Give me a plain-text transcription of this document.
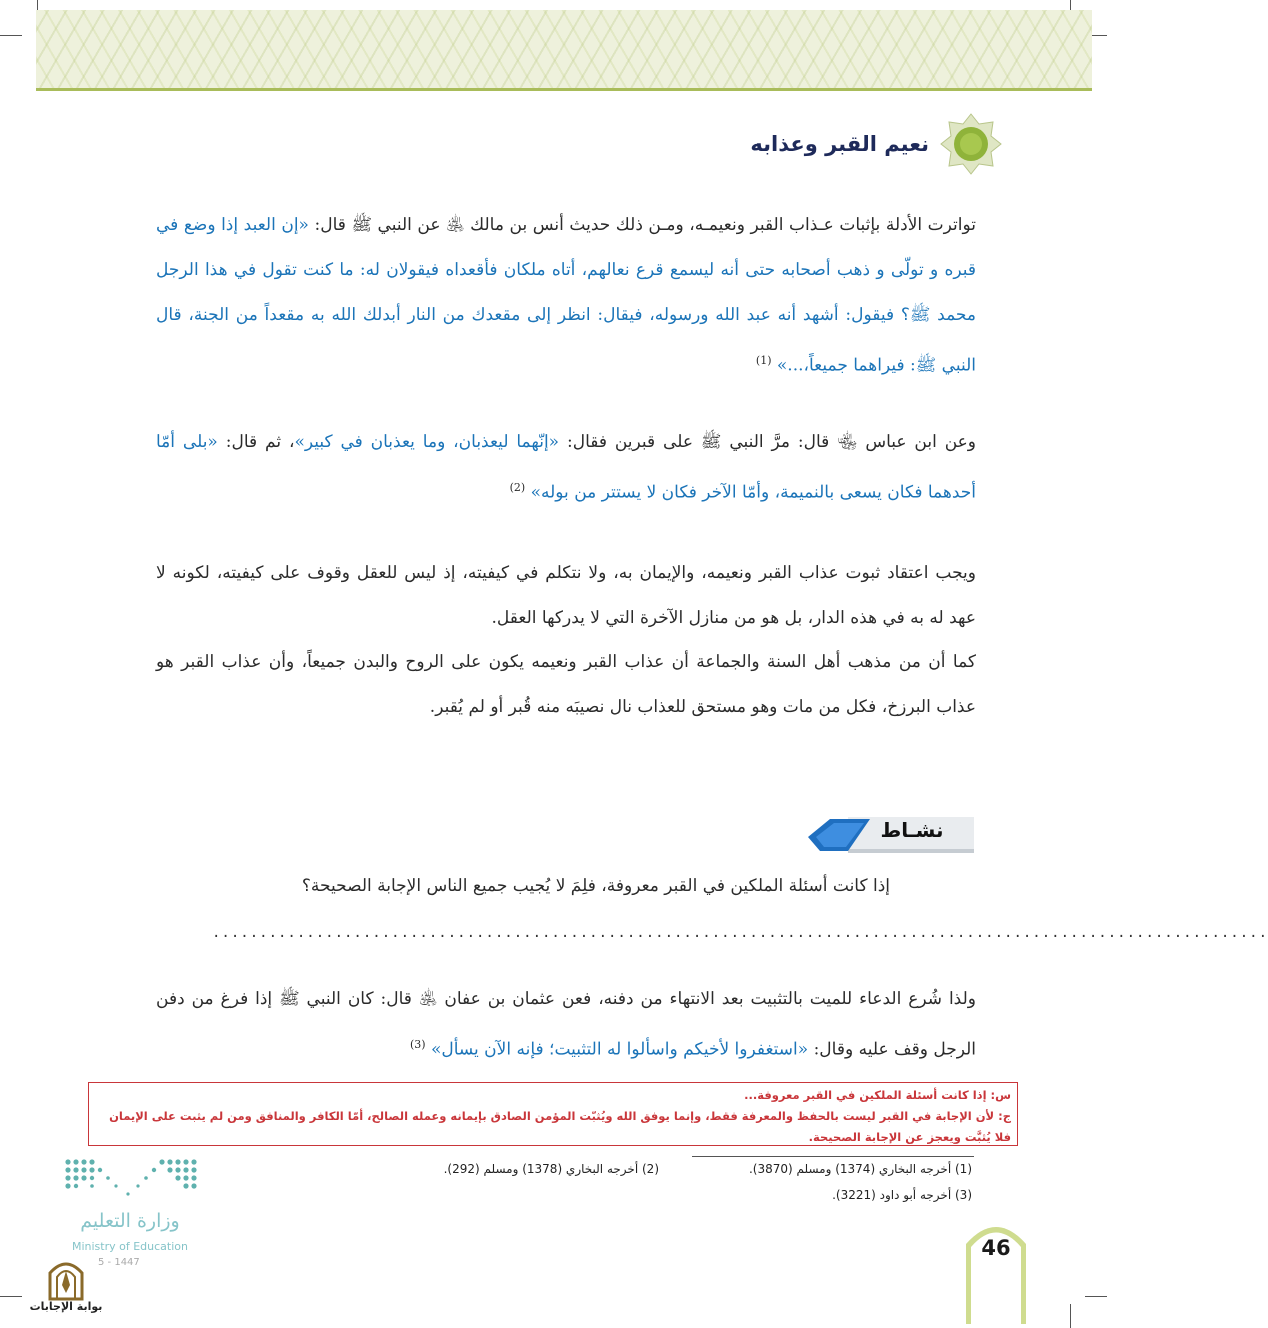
نعيم القبر وعذابه
تواترت الأدلة بإثبات عـذاب القبر ونعيمـه، ومـن ذلك حديث أنس بن مالك ﵁ عن النبي ﷺ قال: «إن العبد إذا وضع في قبره و تولّى و ذهب أصحابه حتى أنه ليسمع قرع نعالهم، أتاه ملكان فأقعداه فيقولان له: ما كنت تقول في هذا الرجل محمد ﷺ؟ فيقول: أشهد أنه عبد الله ورسوله، فيقال: انظر إلى مقعدك من النار أبدلك الله به مقعداً من الجنة، قال النبي ﷺ: فيراهما جميعاً،...» $^{(1)}$
وعن ابن عباس ﵄ قال: مرَّ النبي ﷺ على قبرين فقال: «إنّهما ليعذبان، وما يعذبان في كبير»، ثم قال: «بلى أمّا أحدهما فكان يسعى بالنميمة، وأمّا الآخر فكان لا يستتر من بوله» $^{(2)}$
ويجب اعتقاد ثبوت عذاب القبر ونعيمه، والإيمان به، ولا نتكلم في كيفيته، إذ ليس للعقل وقوف على كيفيته، لكونه لا عهد له به في هذه الدار، بل هو من منازل الآخرة التي لا يدركها العقل.
كما أن من مذهب أهل السنة والجماعة أن عذاب القبر ونعيمه يكون على الروح والبدن جميعاً، وأن عذاب القبر هو عذاب البرزخ، فكل من مات وهو مستحق للعذاب نال نصيبَه منه قُبر أو لم يُقبر.
نشـاط
إذا كانت أسئلة الملكين في القبر معروفة، فلِمَ لا يُجيب جميع الناس الإجابة الصحيحة؟
................................................................................................................
ولذا شُرع الدعاء للميت بالتثبيت بعد الانتهاء من دفنه، فعن عثمان بن عفان ﵁ قال: كان النبي ﷺ إذا فرغ من دفن الرجل وقف عليه وقال: «استغفروا لأخيكم واسألوا له التثبيت؛ فإنه الآن يسأل» $^{(3)}$
س: إذا كانت أسئلة الملكين في القبر معروفة...
ج: لأن الإجابة في القبر ليست بالحفظ والمعرفة فقط، وإنما يوفق الله ويُثبّت المؤمن الصادق بإيمانه وعمله الصالح، أمّا الكافر والمنافق ومن لم يثبت على الإيمان فلا يُثبَّت ويعجز عن الإجابة الصحيحة.
(1) أخرجه البخاري (1374) ومسلم (3870).
(2) أخرجه البخاري (1378) ومسلم (292).
(3) أخرجه أبو داود (3221).
وزارة التعليم
Ministry of Education
5 - 1447
بوابة الإجابات
46
